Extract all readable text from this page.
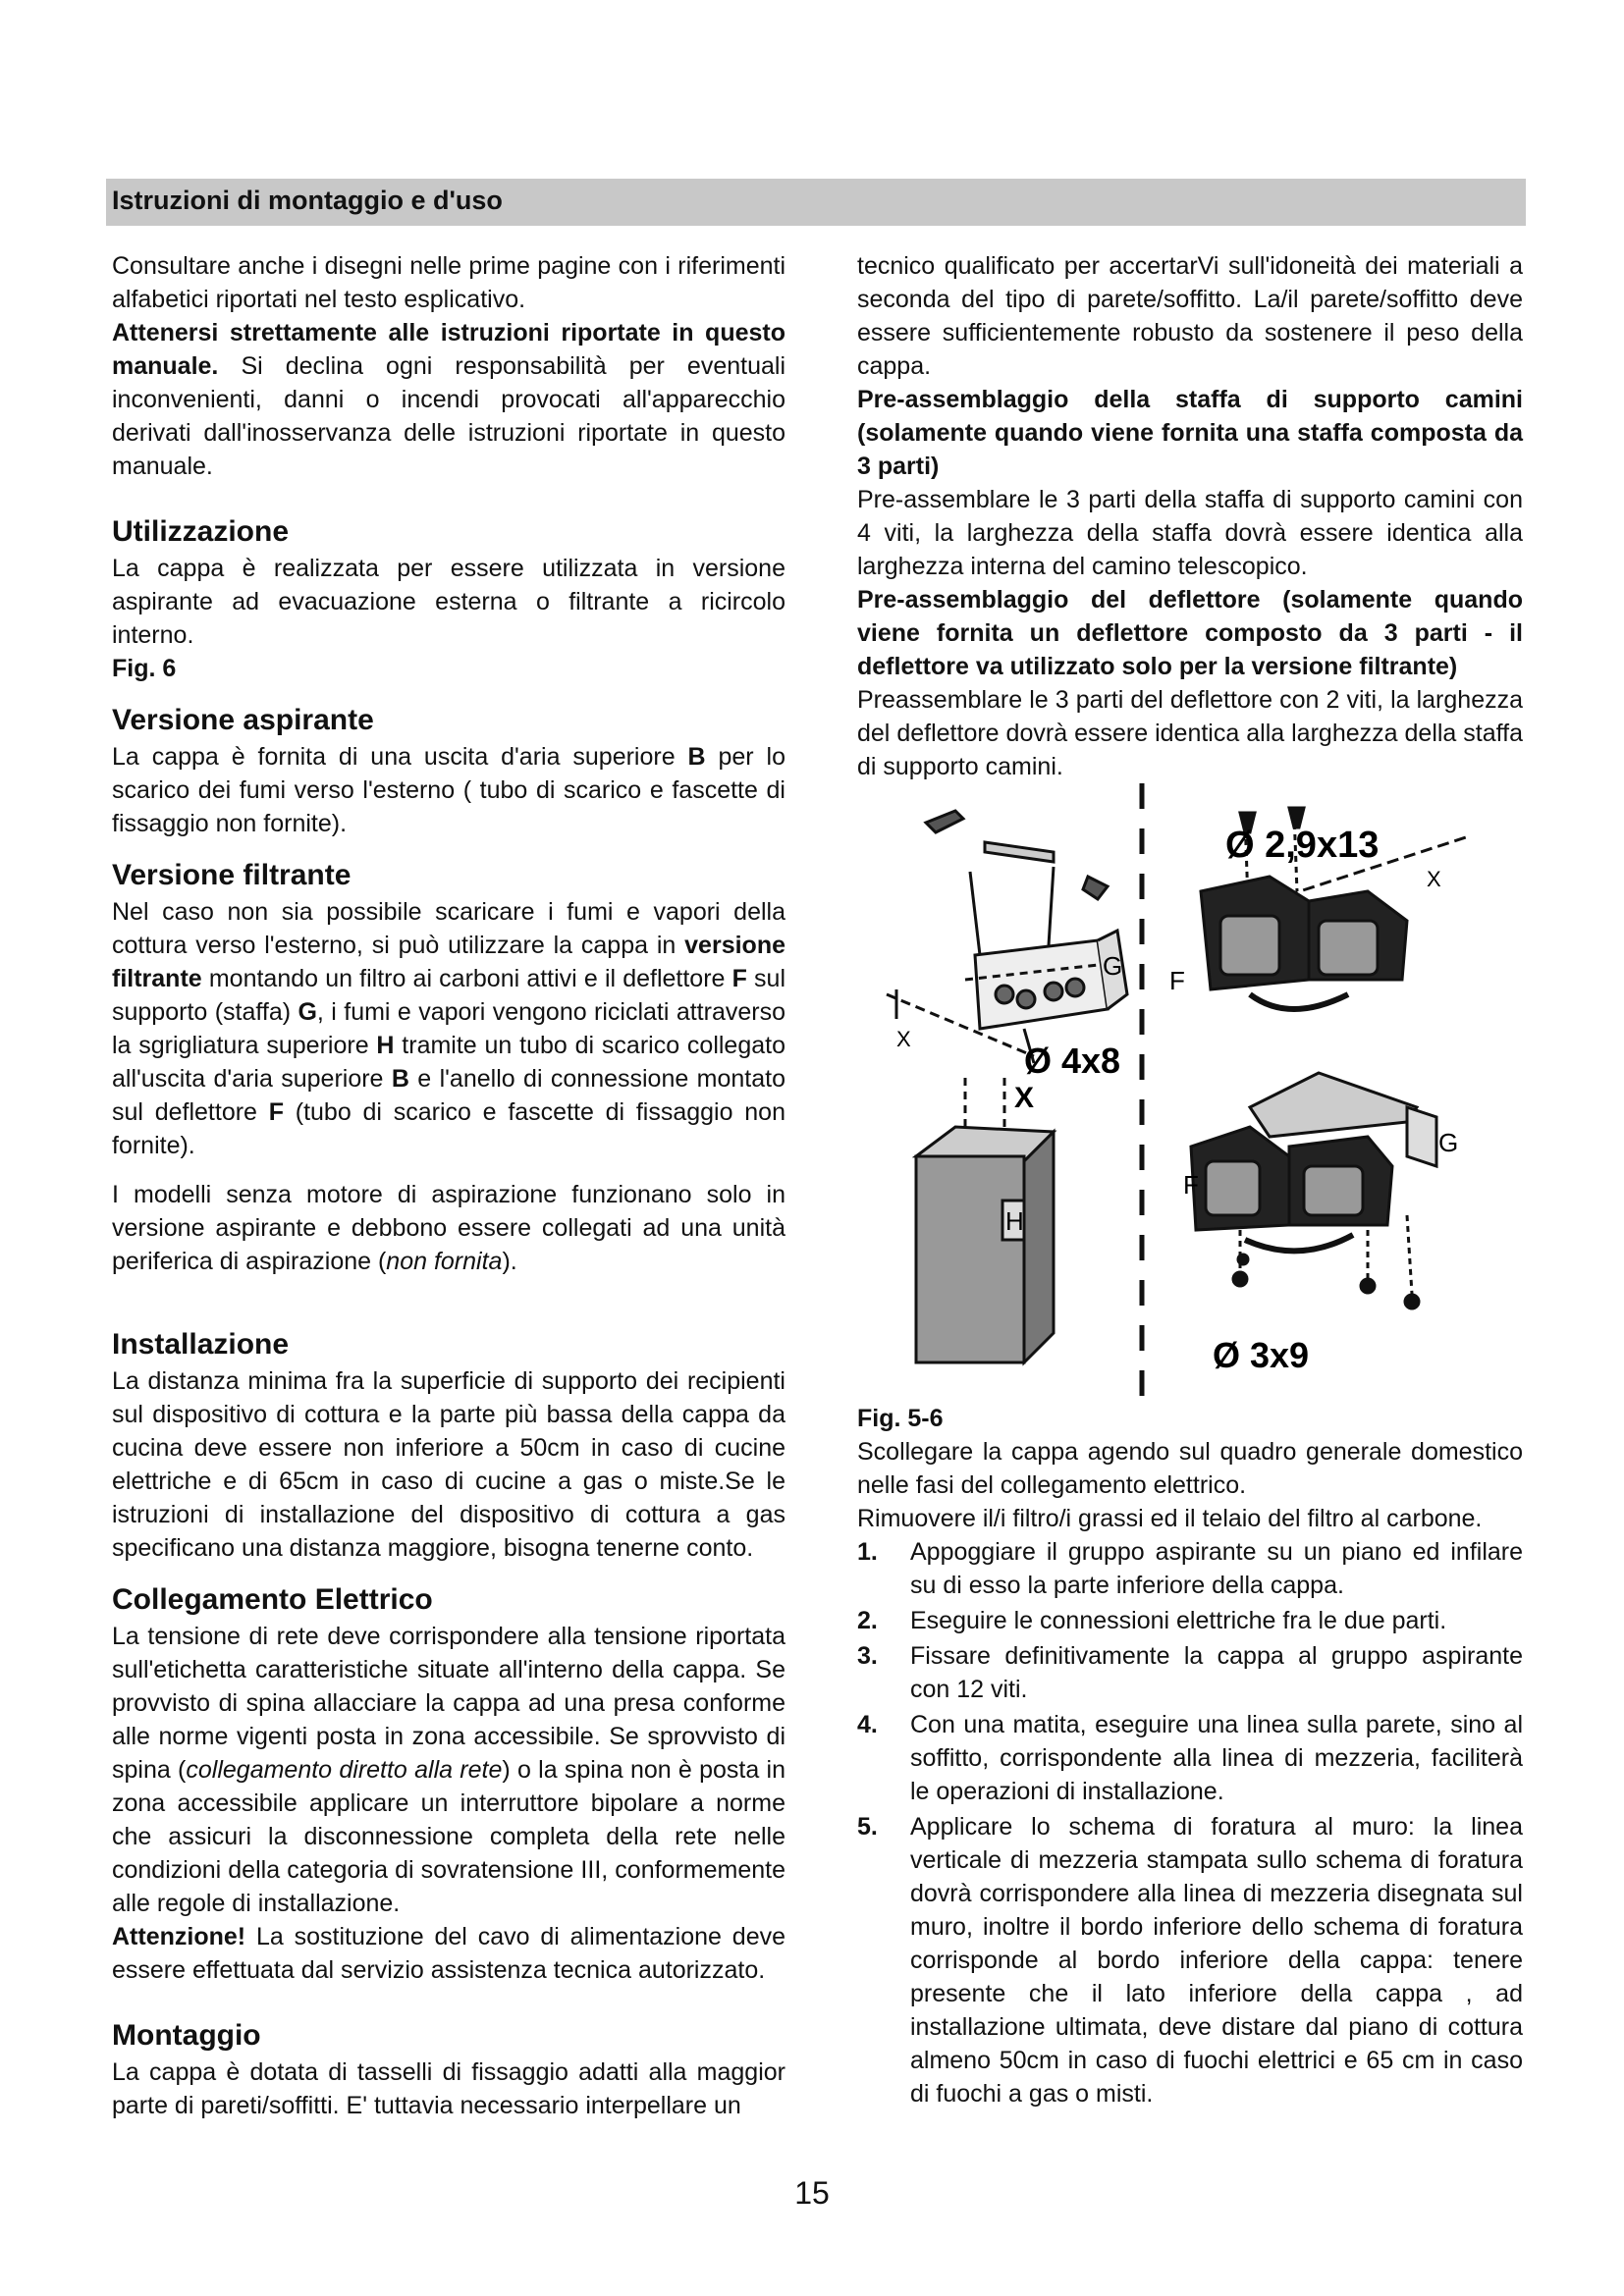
Istruzioni di montaggio e d'uso

Consultare anche i disegni nelle prime pagine con i riferimenti alfabetici riportati nel testo esplicativo.
Attenersi strettamente alle istruzioni riportate in questo manuale. Si declina ogni responsabilità per eventuali inconvenienti, danni o incendi provocati all'apparecchio derivati dall'inosservanza delle istruzioni riportate in questo manuale.

Utilizzazione

La cappa è realizzata per essere utilizzata in versione aspirante ad evacuazione esterna o filtrante a ricircolo interno.
Fig. 6

Versione aspirante

La cappa è fornita di una uscita d'aria superiore B per lo scarico dei fumi verso l'esterno ( tubo di scarico e fascette di fissaggio non fornite).

Versione filtrante

Nel caso non sia possibile scaricare i fumi e vapori della cottura verso l'esterno, si può utilizzare la cappa in versione filtrante montando un filtro ai carboni attivi e il deflettore F sul supporto (staffa) G, i fumi e vapori vengono riciclati attraverso la sgrigliatura superiore H tramite un tubo di scarico collegato all'uscita d'aria superiore B e l'anello di connessione montato sul deflettore F (tubo di scarico e fascette di fissaggio non fornite).

I modelli senza motore di aspirazione funzionano solo in versione aspirante e debbono essere collegati ad una unità periferica di aspirazione (non fornita).

Installazione

La distanza minima fra la superficie di supporto dei recipienti sul dispositivo di cottura e la parte più bassa della cappa da cucina deve essere non inferiore a 50cm in caso di cucine elettriche e di 65cm in caso di cucine a gas o miste.Se le istruzioni di installazione del dispositivo di cottura a gas specificano una distanza maggiore, bisogna tenerne conto.

Collegamento Elettrico

La tensione di rete deve corrispondere alla tensione riportata sull'etichetta caratteristiche situate all'interno della cappa. Se provvisto di spina allacciare la cappa ad una presa conforme alle norme vigenti posta in zona accessibile. Se sprovvisto di spina (collegamento diretto alla rete) o la spina non è posta in zona accessibile applicare un interruttore bipolare a norme che assicuri la disconnessione completa della rete nelle condizioni della categoria di sovratensione III, conformemente alle regole di installazione.

Attenzione! La sostituzione del cavo di alimentazione deve essere effettuata dal servizio assistenza tecnica autorizzato.

Montaggio

La cappa è dotata di tasselli di fissaggio adatti alla maggior parte di pareti/soffitti. E' tuttavia necessario interpellare un

tecnico qualificato per accertarVi sull'idoneità dei materiali a seconda del tipo di parete/soffitto. La/il parete/soffitto deve essere sufficientemente robusto da sostenere il peso della cappa.

Pre-assemblaggio della staffa di supporto camini (solamente quando viene fornita una staffa composta da 3 parti)

Pre-assemblare le 3 parti della staffa di supporto camini con 4 viti, la larghezza della staffa dovrà essere identica alla larghezza interna del camino telescopico.

Pre-assemblaggio del deflettore (solamente quando viene fornita un deflettore composto da 3 parti - il deflettore va utilizzato solo per la versione filtrante)

Preassemblare le 3 parti del deflettore con 2 viti, la larghezza del deflettore dovrà essere identica alla larghezza della staffa di supporto camini.

Ø 2,9x13
G F
X
X
Ø 4x8
X
H
F
G
Ø 3x9

Fig. 5-6

Scollegare la cappa agendo sul quadro generale domestico nelle fasi del collegamento elettrico.

Rimuovere il/i filtro/i grassi ed il telaio del filtro al carbone.

1. Appoggiare il gruppo aspirante su un piano ed infilare su di esso la parte inferiore della cappa.
2. Eseguire le connessioni elettriche fra le due parti.
3. Fissare definitivamente la cappa al gruppo aspirante con 12 viti.
4. Con una matita, eseguire una linea sulla parete, sino al soffitto, corrispondente alla linea di mezzeria, faciliterà le operazioni di installazione.
5. Applicare lo schema di foratura al muro: la linea verticale di mezzeria stampata sullo schema di foratura dovrà corrispondere alla linea di mezzeria disegnata sul muro, inoltre il bordo inferiore dello schema di foratura corrisponde al bordo inferiore della cappa: tenere presente che il lato inferiore della cappa , ad installazione ultimata, deve distare dal piano di cottura almeno 50cm in caso di fuochi elettrici e 65 cm in caso di fuochi a gas o misti.
15
